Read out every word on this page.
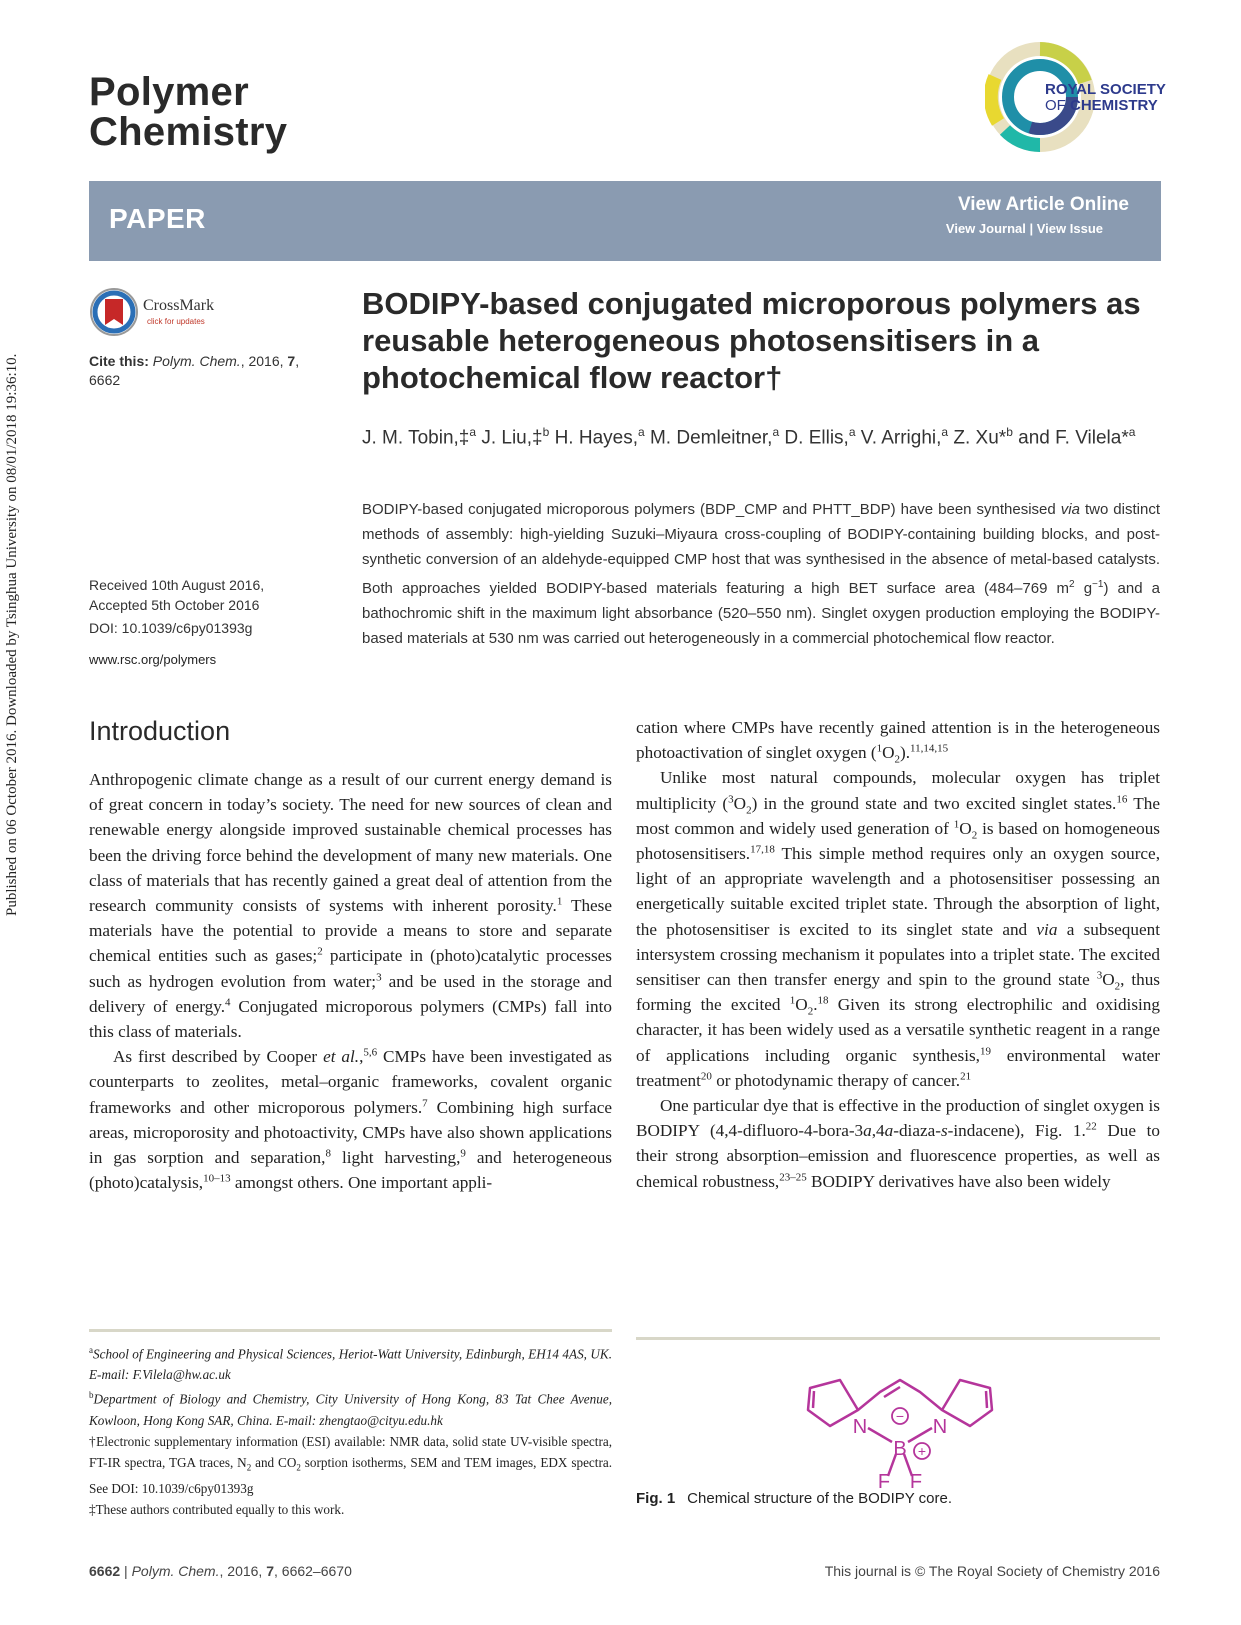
Published on 06 October 2016. Downloaded by Tsinghua University on 08/01/2018 19:36:10.
Polymer
Chemistry
ROYAL SOCIETY
OF CHEMISTRY
PAPER	View Article Online
View Journal | View Issue
CrossMark
click for updates
Cite this: Polym. Chem., 2016, 7, 6662
Received 10th August 2016,
Accepted 5th October 2016
DOI: 10.1039/c6py01393g
www.rsc.org/polymers
BODIPY-based conjugated microporous polymers as reusable heterogeneous photosensitisers in a photochemical flow reactor†
J. M. Tobin,‡$^a$ J. Liu,‡$^b$ H. Hayes,$^a$ M. Demleitner,$^a$ D. Ellis,$^a$ V. Arrighi,$^a$ Z. Xu*$^b$ and F. Vilela*$^a$
BODIPY-based conjugated microporous polymers (BDP_CMP and PHTT_BDP) have been synthesised via two distinct methods of assembly: high-yielding Suzuki–Miyaura cross-coupling of BODIPY-containing building blocks, and post-synthetic conversion of an aldehyde-equipped CMP host that was synthesised in the absence of metal-based catalysts. Both approaches yielded BODIPY-based materials featuring a high BET surface area (484–769 $m^2$ $g^{-1}$) and a bathochromic shift in the maximum light absorbance (520–550 nm). Singlet oxygen production employing the BODIPY-based materials at 530 nm was carried out heterogeneously in a commercial photochemical flow reactor.
Introduction

Anthropogenic climate change as a result of our current energy demand is of great concern in today’s society. The need for new sources of clean and renewable energy alongside improved sustainable chemical processes has been the driving force behind the development of many new materials. One class of materials that has recently gained a great deal of attention from the research community consists of systems with inherent porosity.$^1$ These materials have the potential to provide a means to store and separate chemical entities such as gases;$^2$ participate in (photo)catalytic processes such as hydrogen evolution from water;$^3$ and be used in the storage and delivery of energy.$^4$ Conjugated microporous polymers (CMPs) fall into this class of materials.

As first described by Cooper et al.,$^{5,6}$ CMPs have been investigated as counterparts to zeolites, metal–organic frameworks, covalent organic frameworks and other microporous polymers.$^7$ Combining high surface areas, microporosity and photoactivity, CMPs have also shown applications in gas sorption and separation,$^8$ light harvesting,$^9$ and heterogeneous (photo)catalysis,$^{10-13}$ amongst others. One important appli-

cation where CMPs have recently gained attention is in the heterogeneous photoactivation of singlet oxygen $(^1O_2).^{11,14,15}$

Unlike most natural compounds, molecular oxygen has triplet multiplicity $(^3O_2)$ in the ground state and two excited singlet states.$^{16}$ The most common and widely used generation of $^1O_2$ is based on homogeneous photosensitisers.$^{17,18}$ This simple method requires only an oxygen source, light of an appropriate wavelength and a photosensitiser possessing an energetically suitable excited triplet state. Through the absorption of light, the photosensitiser is excited to its singlet state and via a subsequent intersystem crossing mechanism it populates into a triplet state. The excited sensitiser can then transfer energy and spin to the ground state $^3O_2$, thus forming the excited $^1O_2.^{18}$ Given its strong electrophilic and oxidising character, it has been widely used as a versatile synthetic reagent in a range of applications including organic synthesis,$^{19}$ environmental water treatment$^{20}$ or photodynamic therapy of cancer.$^{21}$

One particular dye that is effective in the production of singlet oxygen is BODIPY (4,4-difluoro-4-bora-3a,4a-diaza-s-indacene), Fig. 1.22 Due to their strong absorption–emission and fluorescence properties, as well as chemical robustness,$^{23-25}$ BODIPY derivatives have also been widely

$^a$School of Engineering and Physical Sciences, Heriot-Watt University, Edinburgh, EH14 4AS, UK. E-mail: F.Vilela@hw.ac.uk

$^b$Department of Biology and Chemistry, City University of Hong Kong, 83 Tat Chee Avenue, Kowloon, Hong Kong SAR, China. E-mail: zhengtao@cityu.edu.hk

†Electronic supplementary information (ESI) available: NMR data, solid state UV-visible spectra, FT-IR spectra, TGA traces, $N_2$ and $CO_2$ sorption isotherms, SEM and TEM images, EDX spectra. See DOI: 10.1039/c6py01393g

‡These authors contributed equally to this work.

N	N
B
F F
−
+
Fig. 1 Chemical structure of the BODIPY core.
6662 | Polym. Chem., 2016, 7, 6662–6670	This journal is © The Royal Society of Chemistry 2016
